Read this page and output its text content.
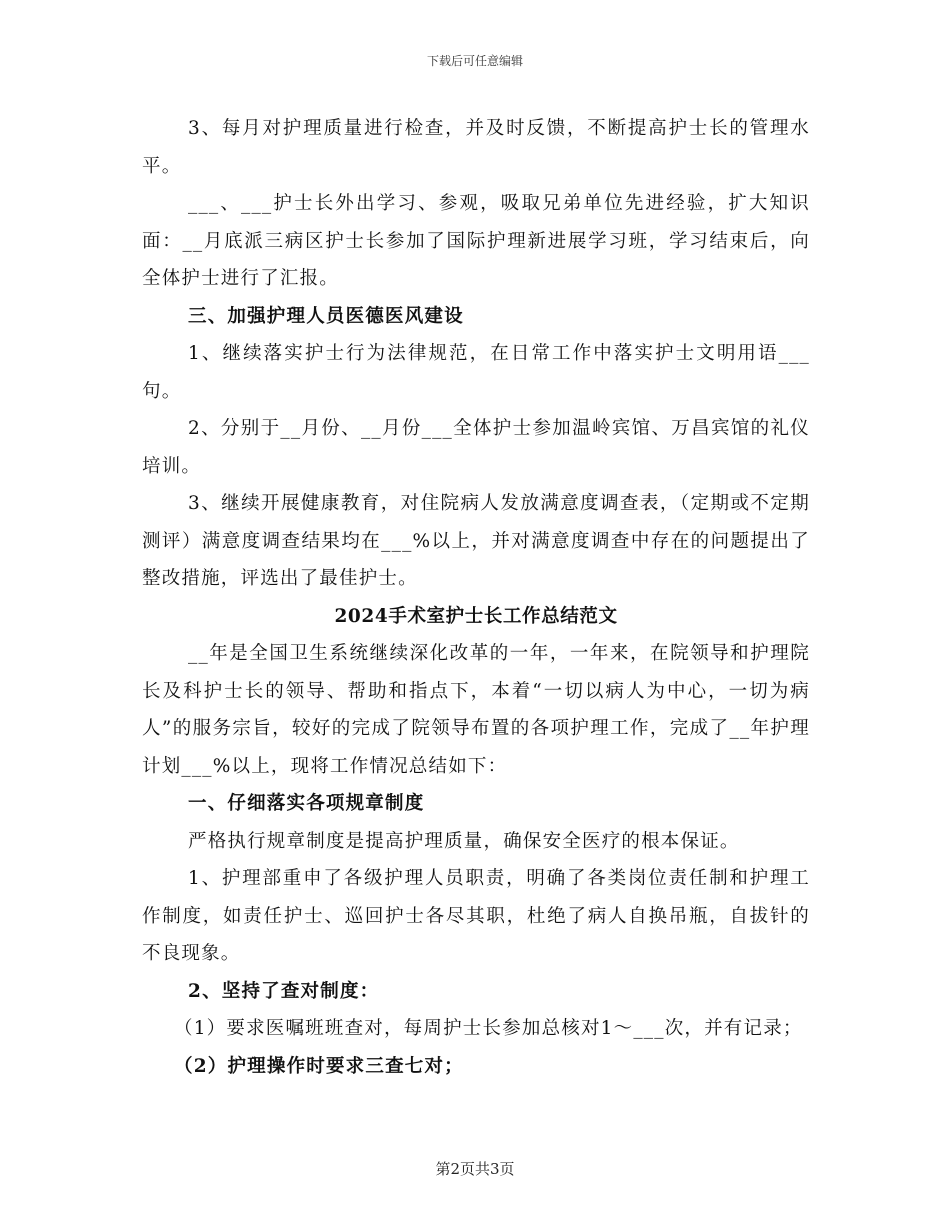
下载后可任意编辑

3、每月对护理质量进行检查，并及时反馈，不断提高护士长的管理水平。

___、___护士长外出学习、参观，吸取兄弟单位先进经验，扩大知识面：__月底派三病区护士长参加了国际护理新进展学习班，学习结束后，向全体护士进行了汇报。

三、加强护理人员医德医风建设

1、继续落实护士行为法律规范，在日常工作中落实护士文明用语___句。

2、分别于__月份、__月份___全体护士参加温岭宾馆、万昌宾馆的礼仪培训。

3、继续开展健康教育，对住院病人发放满意度调查表，（定期或不定期测评）满意度调查结果均在___%以上，并对满意度调查中存在的问题提出了整改措施，评选出了最佳护士。

2024手术室护士长工作总结范文

__年是全国卫生系统继续深化改革的一年，一年来，在院领导和护理院长及科护士长的领导、帮助和指点下，本着“一切以病人为中心，一切为病人”的服务宗旨，较好的完成了院领导布置的各项护理工作，完成了__年护理计划___%以上，现将工作情况总结如下：

一、仔细落实各项规章制度

严格执行规章制度是提高护理质量，确保安全医疗的根本保证。

1、护理部重申了各级护理人员职责，明确了各类岗位责任制和护理工作制度，如责任护士、巡回护士各尽其职，杜绝了病人自换吊瓶，自拔针的不良现象。

2、坚持了查对制度：

（1）要求医嘱班班查对，每周护士长参加总核对1～___次，并有记录；

（2）护理操作时要求三查七对；

第2页共3页
